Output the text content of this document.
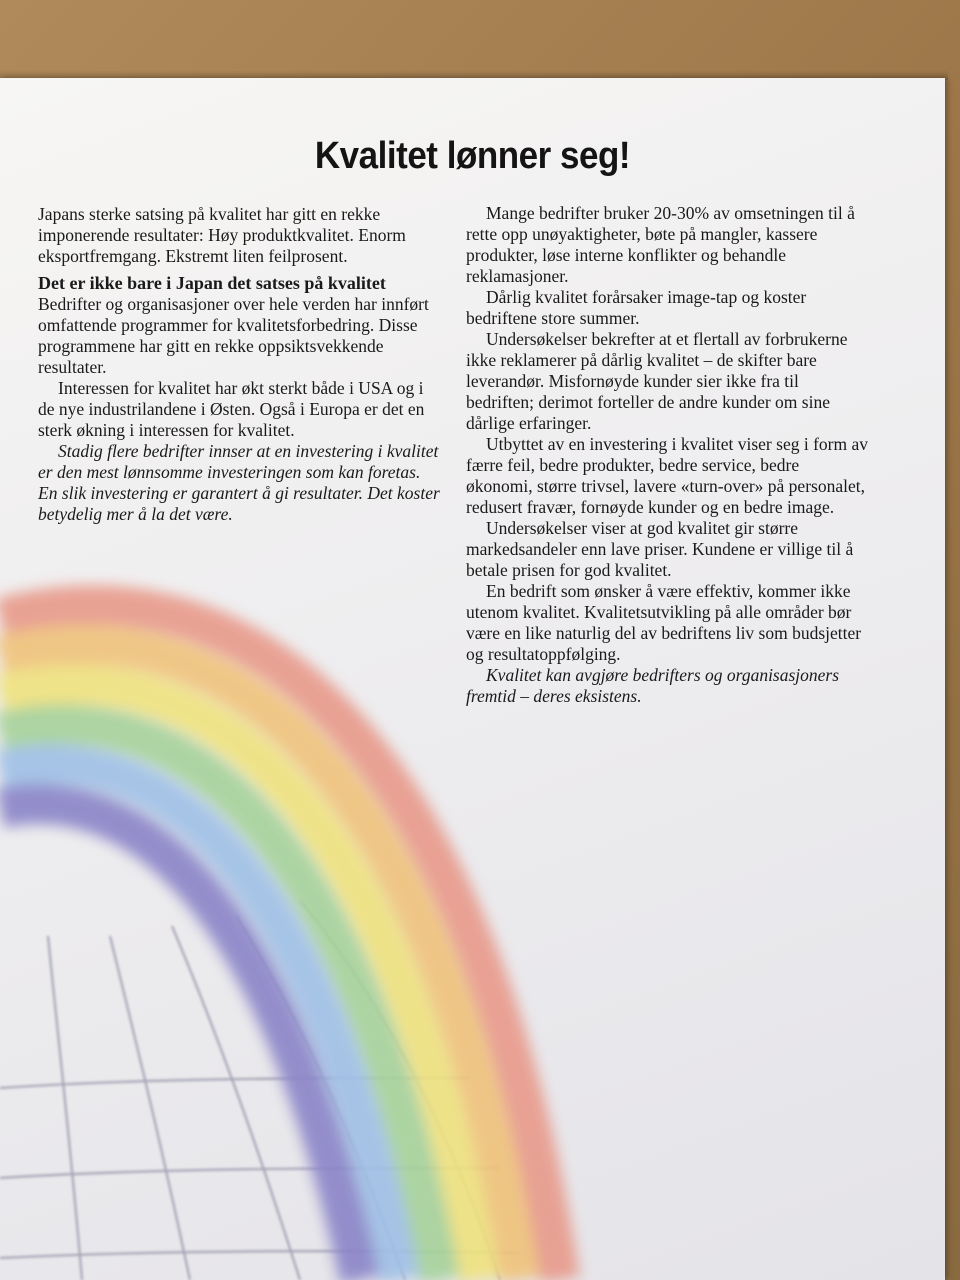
Kvalitet lønner seg!

Japans sterke satsing på kvalitet har gitt en rekke imponerende resultater: Høy produktkvalitet. Enorm eksportfremgang. Ekstremt liten feilprosent.

Det er ikke bare i Japan det satses på kvalitet

Bedrifter og organisasjoner over hele verden har innført omfattende programmer for kvalitetsforbedring. Disse programmene har gitt en rekke oppsiktsvekkende resultater.

Interessen for kvalitet har økt sterkt både i USA og i de nye industrilandene i Østen. Også i Europa er det en sterk økning i interessen for kvalitet.

Stadig flere bedrifter innser at en investering i kvalitet er den mest lønnsomme investeringen som kan foretas. En slik investering er garantert å gi resultater. Det koster betydelig mer å la det være.

Mange bedrifter bruker 20-30% av omsetningen til å rette opp unøyaktigheter, bøte på mangler, kassere produkter, løse interne konflikter og behandle reklamasjoner.

Dårlig kvalitet forårsaker image-tap og koster bedriftene store summer.

Undersøkelser bekrefter at et flertall av forbrukerne ikke reklamerer på dårlig kvalitet – de skifter bare leverandør. Misfornøyde kunder sier ikke fra til bedriften; derimot forteller de andre kunder om sine dårlige erfaringer.

Utbyttet av en investering i kvalitet viser seg i form av færre feil, bedre produkter, bedre service, bedre økonomi, større trivsel, lavere «turn-over» på personalet, redusert fravær, fornøyde kunder og en bedre image.

Undersøkelser viser at god kvalitet gir større markedsandeler enn lave priser. Kundene er villige til å betale prisen for god kvalitet.

En bedrift som ønsker å være effektiv, kommer ikke utenom kvalitet. Kvalitetsutvikling på alle områder bør være en like naturlig del av bedriftens liv som budsjetter og resultatoppfølging.

Kvalitet kan avgjøre bedrifters og organisasjoners fremtid – deres eksistens.
